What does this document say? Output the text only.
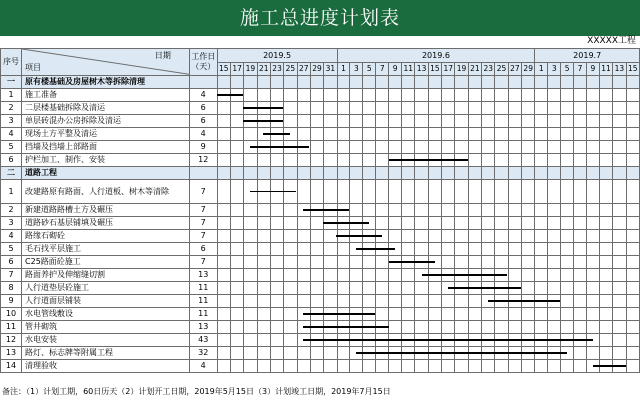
施工总进度计划表
XXXXX工程
序号	日期
项目	工作日（天）	2019.5									2019.6															2019.7							
			15	17	19	21	23	25	27	29	31	1	3	5	7	9	11	13	15	17	19	21	23	25	27	29	1	3	5	7	9	11	13	15
一	原有楼基础及房屋树木等拆除清理																																	
1	施工准备	4																																
2	二层楼基础拆除及清运	6																																
3	单层砖混办公房拆除及清运	6																																
4	现场土方平整及清运	4																																
5	挡墙及挡墙上部路面	9																																
6	护栏加工、制作、安装	12																																
二	道路工程																																	
1	改建路原有路面、人行道板、树木等清除	7																																
2	新建道路路槽土方及碾压	7																																
3	道路砂石基层铺填及碾压	7																																
4	路缘石砌砼	7																																
5	毛石找平层施工	6																																
6	C25路面砼施工	7																																
7	路面养护及伸缩缝切割	13																																
8	人行道垫层砼施工	11																																
9	人行道面层铺装	11																																
10	水电管线敷设	11																																
11	管井砌筑	13																																
12	水电安装	43																																
13	路灯、标志牌等附属工程	32																																
14	清理验收	4																																
备注：（1）计划工期，60日历天（2）计划开工日期，2019年5月15日（3）计划竣工日期，2019年7月15日
